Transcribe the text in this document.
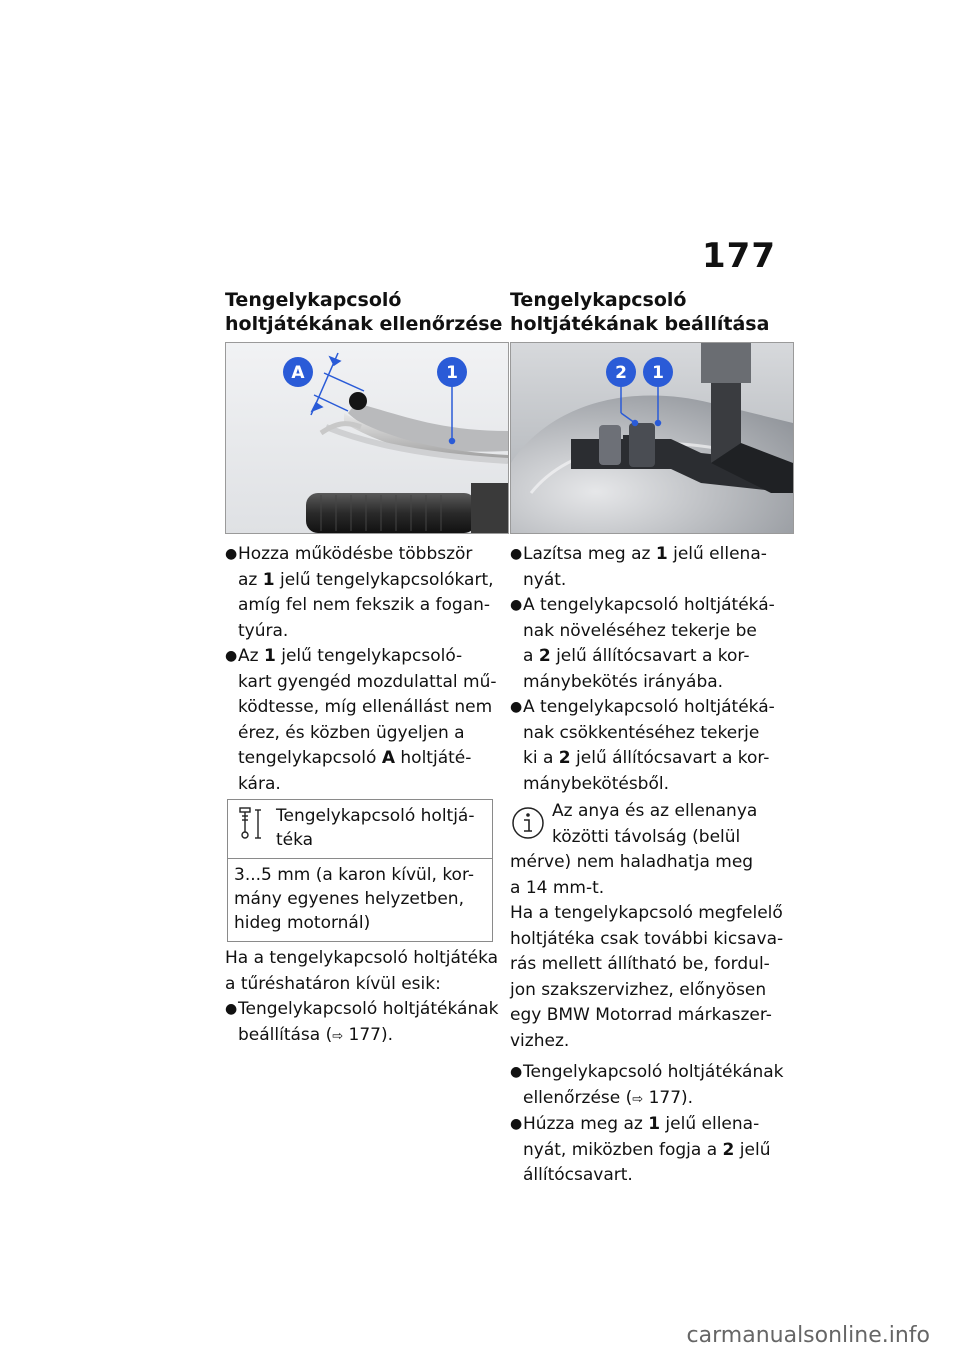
177
Tengelykapcsoló
holtjátékának ellenőrzése
A	1
● Hozza működésbe többször
az 1 jelű tengelykapcsolókart,
amíg fel nem fekszik a fogan-
tyúra.
● Az 1 jelű tengelykapcsoló-
kart gyengéd mozdulattal mű-
ködtesse, míg ellenállást nem
érez, és közben ügyeljen a
tengelykapcsoló A holtjáté-
kára.
Tengelykapcsoló holtjá-
téka
3...5 mm (a karon kívül, kor-
mány egyenes helyzetben,
hideg motornál)

Ha a tengelykapcsoló holtjátéka
a tűréshatáron kívül esik:

● Tengelykapcsoló holtjátékának
beállítása (⇨ 177).
Tengelykapcsoló
holtjátékának beállítása
2 1
● Lazítsa meg az 1 jelű ellena-
nyát.
● A tengelykapcsoló holtjátéká-
nak növeléséhez tekerje be
a 2 jelű állítócsavart a kor-
mánybekötés irányába.
● A tengelykapcsoló holtjátéká-
nak csökkentéséhez tekerje
ki a 2 jelű állítócsavart a kor-
mánybekötésből.
Az anya és az ellenanya
közötti távolság (belül
mérve) nem haladhatja meg
a 14 mm-t.

Ha a tengelykapcsoló megfelelő
holtjátéka csak további kicsava-
rás mellett állítható be, fordul-
jon szakszervizhez, előnyösen
egy BMW Motorrad márkaszer-
vizhez.

● Tengelykapcsoló holtjátékának
ellenőrzése (⇨ 177).
● Húzza meg az 1 jelű ellena-
nyát, miközben fogja a 2 jelű
állítócsavart.
carmanualsonline.info
